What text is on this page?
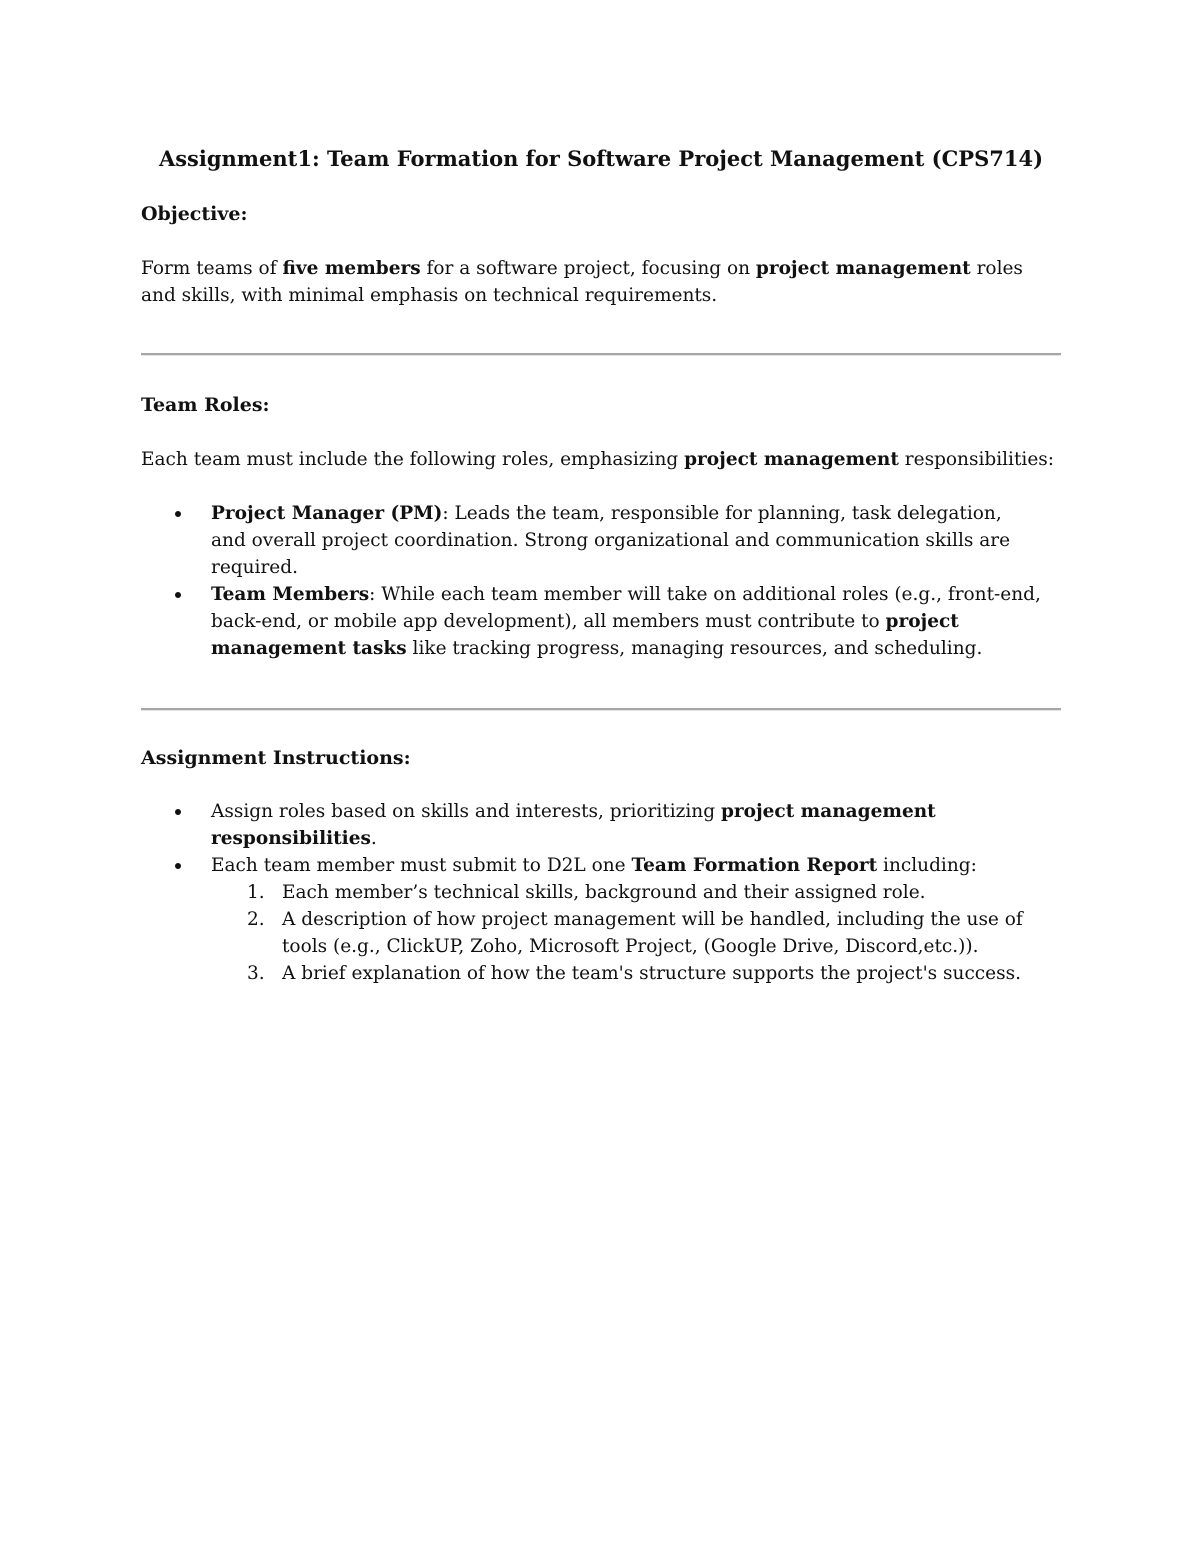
Assignment1: Team Formation for Software Project Management (CPS714)
Objective:

Form teams of five members for a software project, focusing on project management roles and skills, with minimal emphasis on technical requirements.

Team Roles:

Each team must include the following roles, emphasizing project management responsibilities:

Project Manager (PM): Leads the team, responsible for planning, task delegation, and overall project coordination. Strong organizational and communication skills are required.
Team Members: While each team member will take on additional roles (e.g., front-end, back-end, or mobile app development), all members must contribute to project management tasks like tracking progress, managing resources, and scheduling.
Assignment Instructions:
Assign roles based on skills and interests, prioritizing project management responsibilities.
Each team member must submit to D2L one Team Formation Report including:
1. Each member’s technical skills, background and their assigned role.
2. A description of how project management will be handled, including the use of tools (e.g., ClickUP, Zoho, Microsoft Project, (Google Drive, Discord,etc.)).
3. A brief explanation of how the team's structure supports the project's success.
